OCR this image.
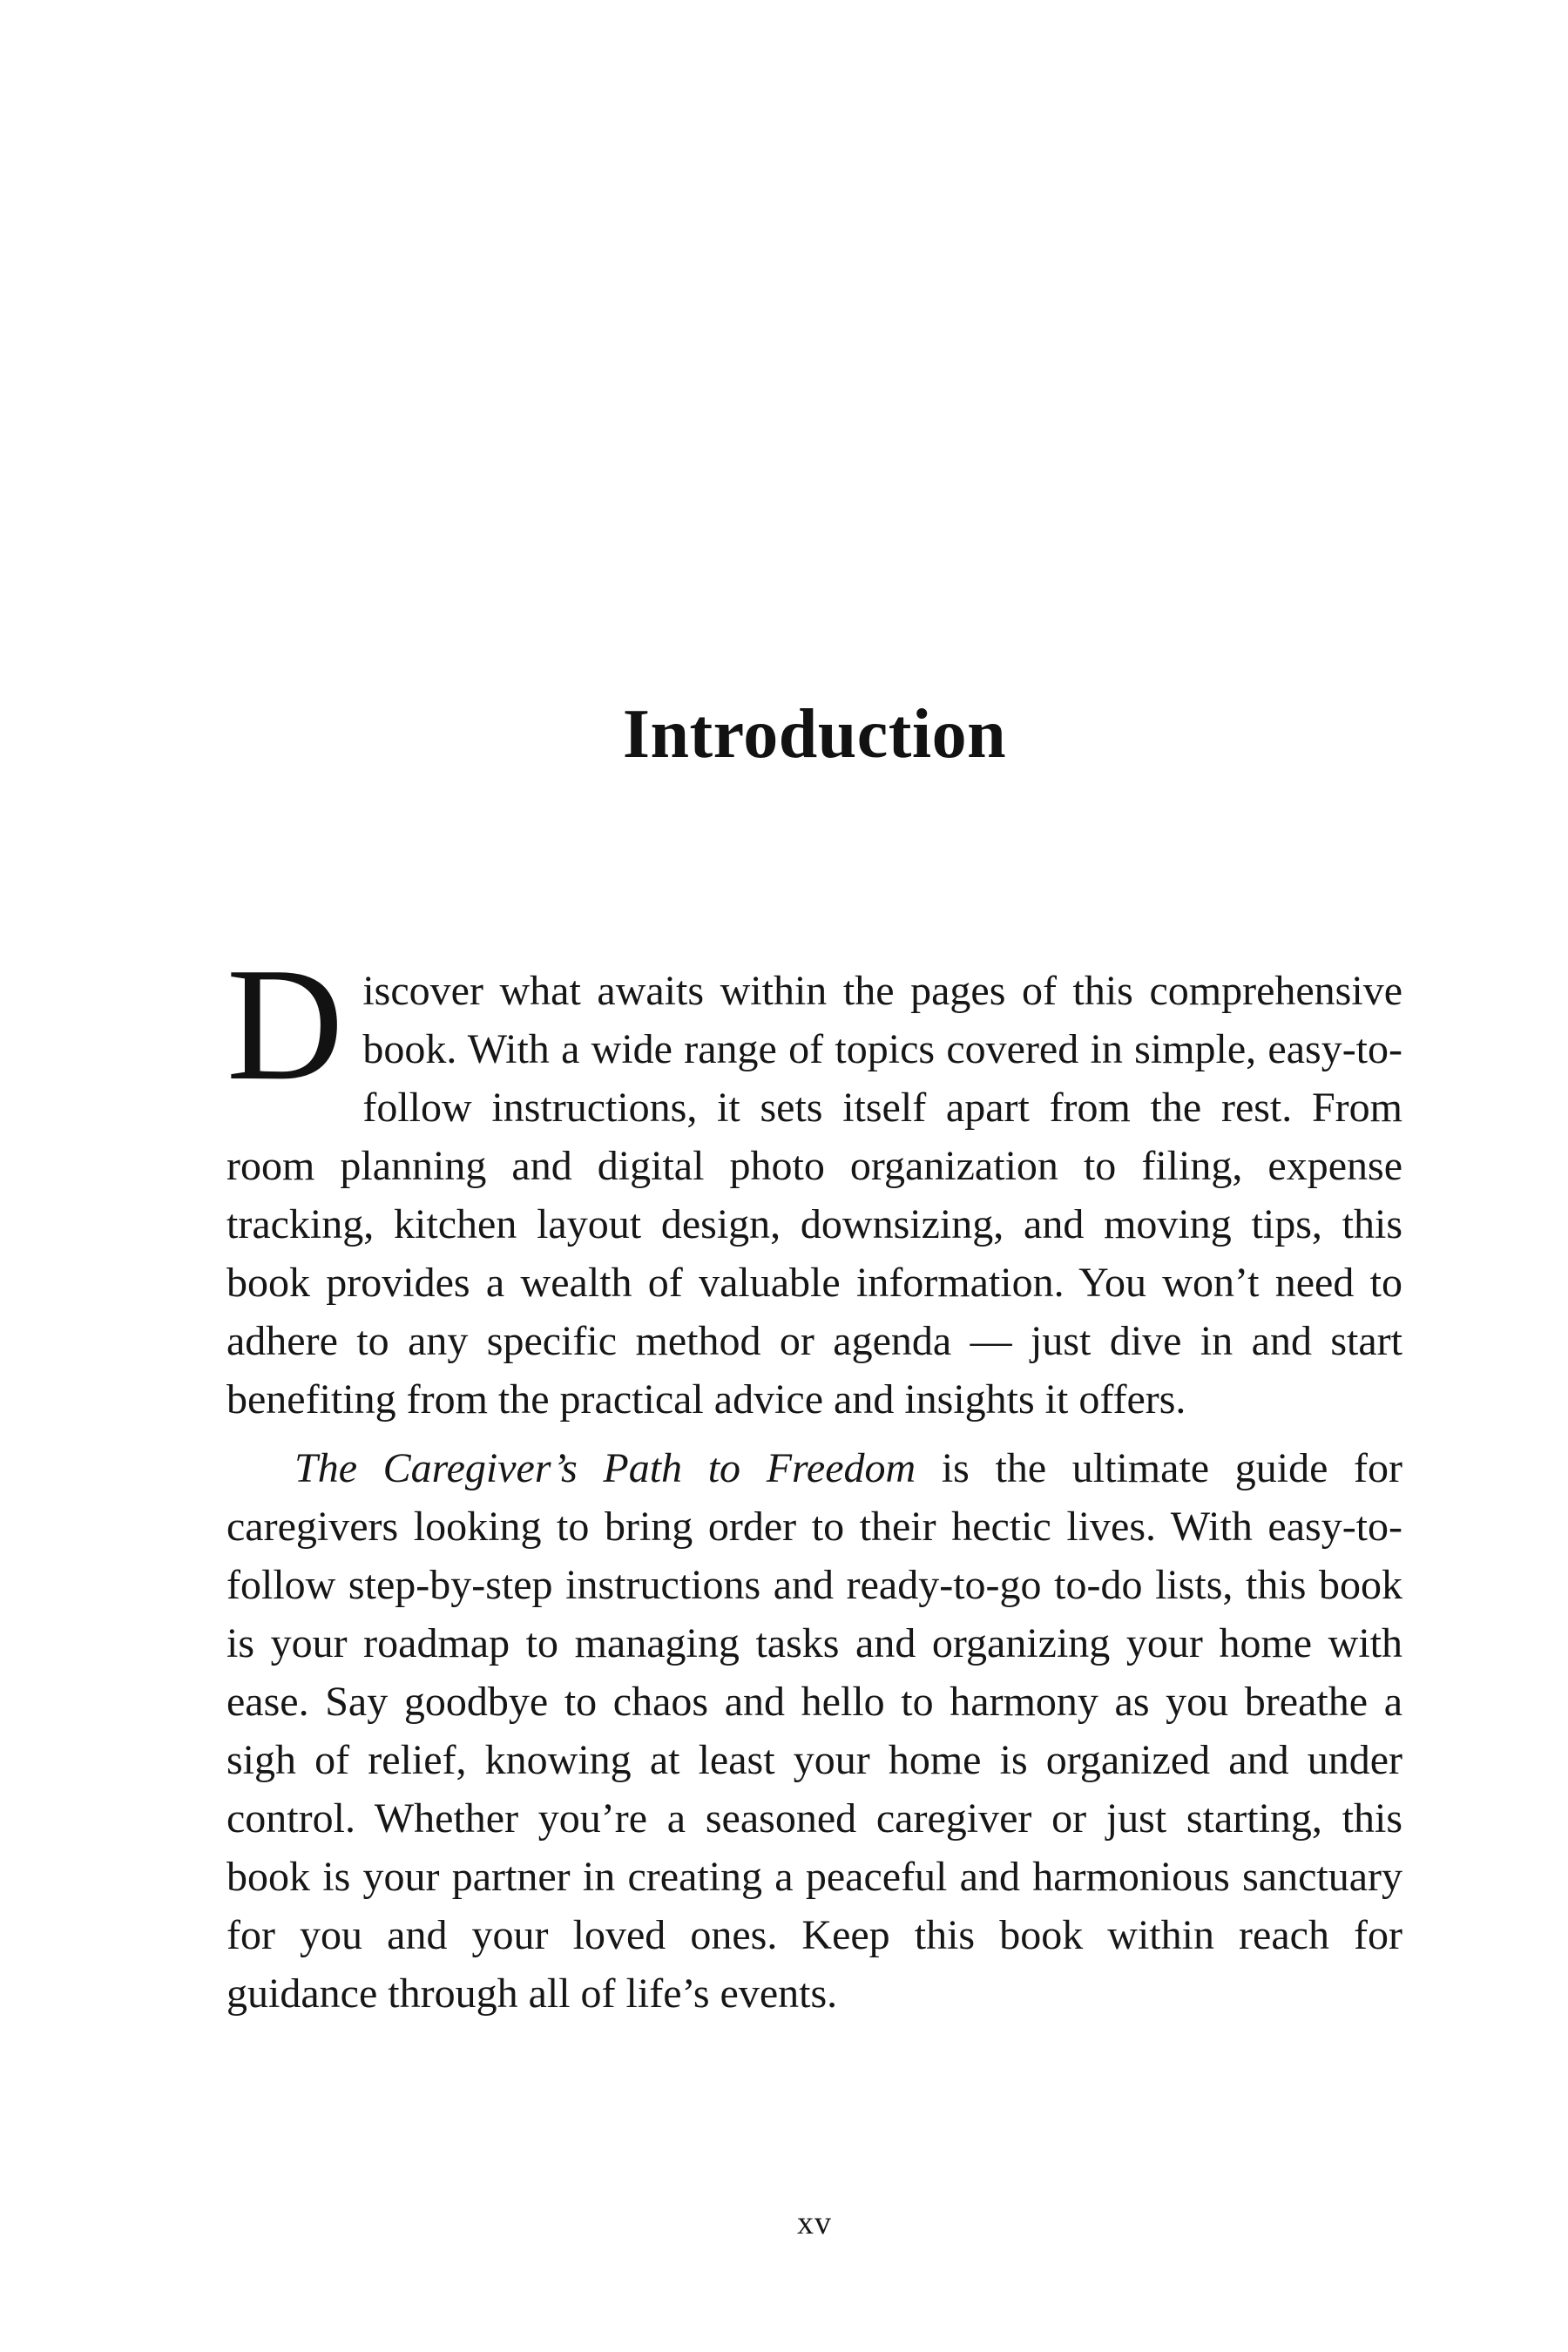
Introduction

Discover what awaits within the pages of this comprehensive book. With a wide range of topics covered in simple, easy-to-follow instructions, it sets itself apart from the rest. From room planning and digital photo organization to filing, expense tracking, kitchen layout design, downsizing, and moving tips, this book provides a wealth of valuable information. You won’t need to adhere to any specific method or agenda — just dive in and start benefiting from the practical advice and insights it offers.

The Caregiver’s Path to Freedom is the ultimate guide for caregivers looking to bring order to their hectic lives. With easy-to-follow step-by-step instructions and ready-to-go to-do lists, this book is your roadmap to managing tasks and organizing your home with ease. Say goodbye to chaos and hello to harmony as you breathe a sigh of relief, knowing at least your home is organized and under control. Whether you’re a seasoned caregiver or just starting, this book is your partner in creating a peaceful and harmonious sanctuary for you and your loved ones. Keep this book within reach for guidance through all of life’s events.

xv
